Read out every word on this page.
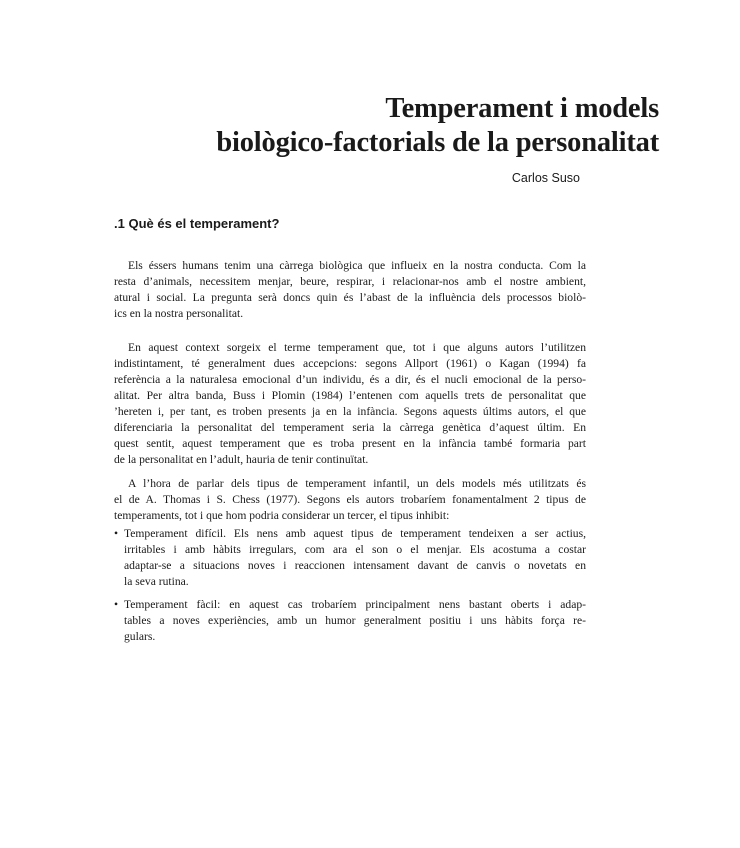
Temperament i models
biològico-factorials de la personalitat
Carlos Suso
.1 Què és el temperament?
Els éssers humans tenim una càrrega biològica que influeix en la nostra conducta. Com la
resta d’animals, necessitem menjar, beure, respirar, i relacionar-nos amb el nostre ambient,
atural i social. La pregunta serà doncs quin és l’abast de la influència dels processos biolò-
ics en la nostra personalitat.
En aquest context sorgeix el terme temperament que, tot i que alguns autors l’utilitzen
indistintament, té generalment dues accepcions: segons Allport (1961) o Kagan (1994) fa
referència a la naturalesa emocional d’un individu, és a dir, és el nucli emocional de la perso-
alitat. Per altra banda, Buss i Plomin (1984) l’entenen com aquells trets de personalitat que
’hereten i, per tant, es troben presents ja en la infància. Segons aquests últims autors, el que
diferenciaria la personalitat del temperament seria la càrrega genètica d’aquest últim. En
quest sentit, aquest temperament que es troba present en la infància també formaria part
de la personalitat en l’adult, hauria de tenir continuïtat.
A l’hora de parlar dels tipus de temperament infantil, un dels models més utilitzats és
el de A. Thomas i S. Chess (1977). Segons els autors trobaríem fonamentalment 2 tipus de
temperaments, tot i que hom podria considerar un tercer, el tipus inhibit:
• Temperament difícil. Els nens amb aquest tipus de temperament tendeixen a ser actius,
irritables i amb hàbits irregulars, com ara el son o el menjar. Els acostuma a costar
adaptar-se a situacions noves i reaccionen intensament davant de canvis o novetats en
la seva rutina.
• Temperament fàcil: en aquest cas trobaríem principalment nens bastant oberts i adap-
tables a noves experiències, amb un humor generalment positiu i uns hàbits força re-
gulars.
